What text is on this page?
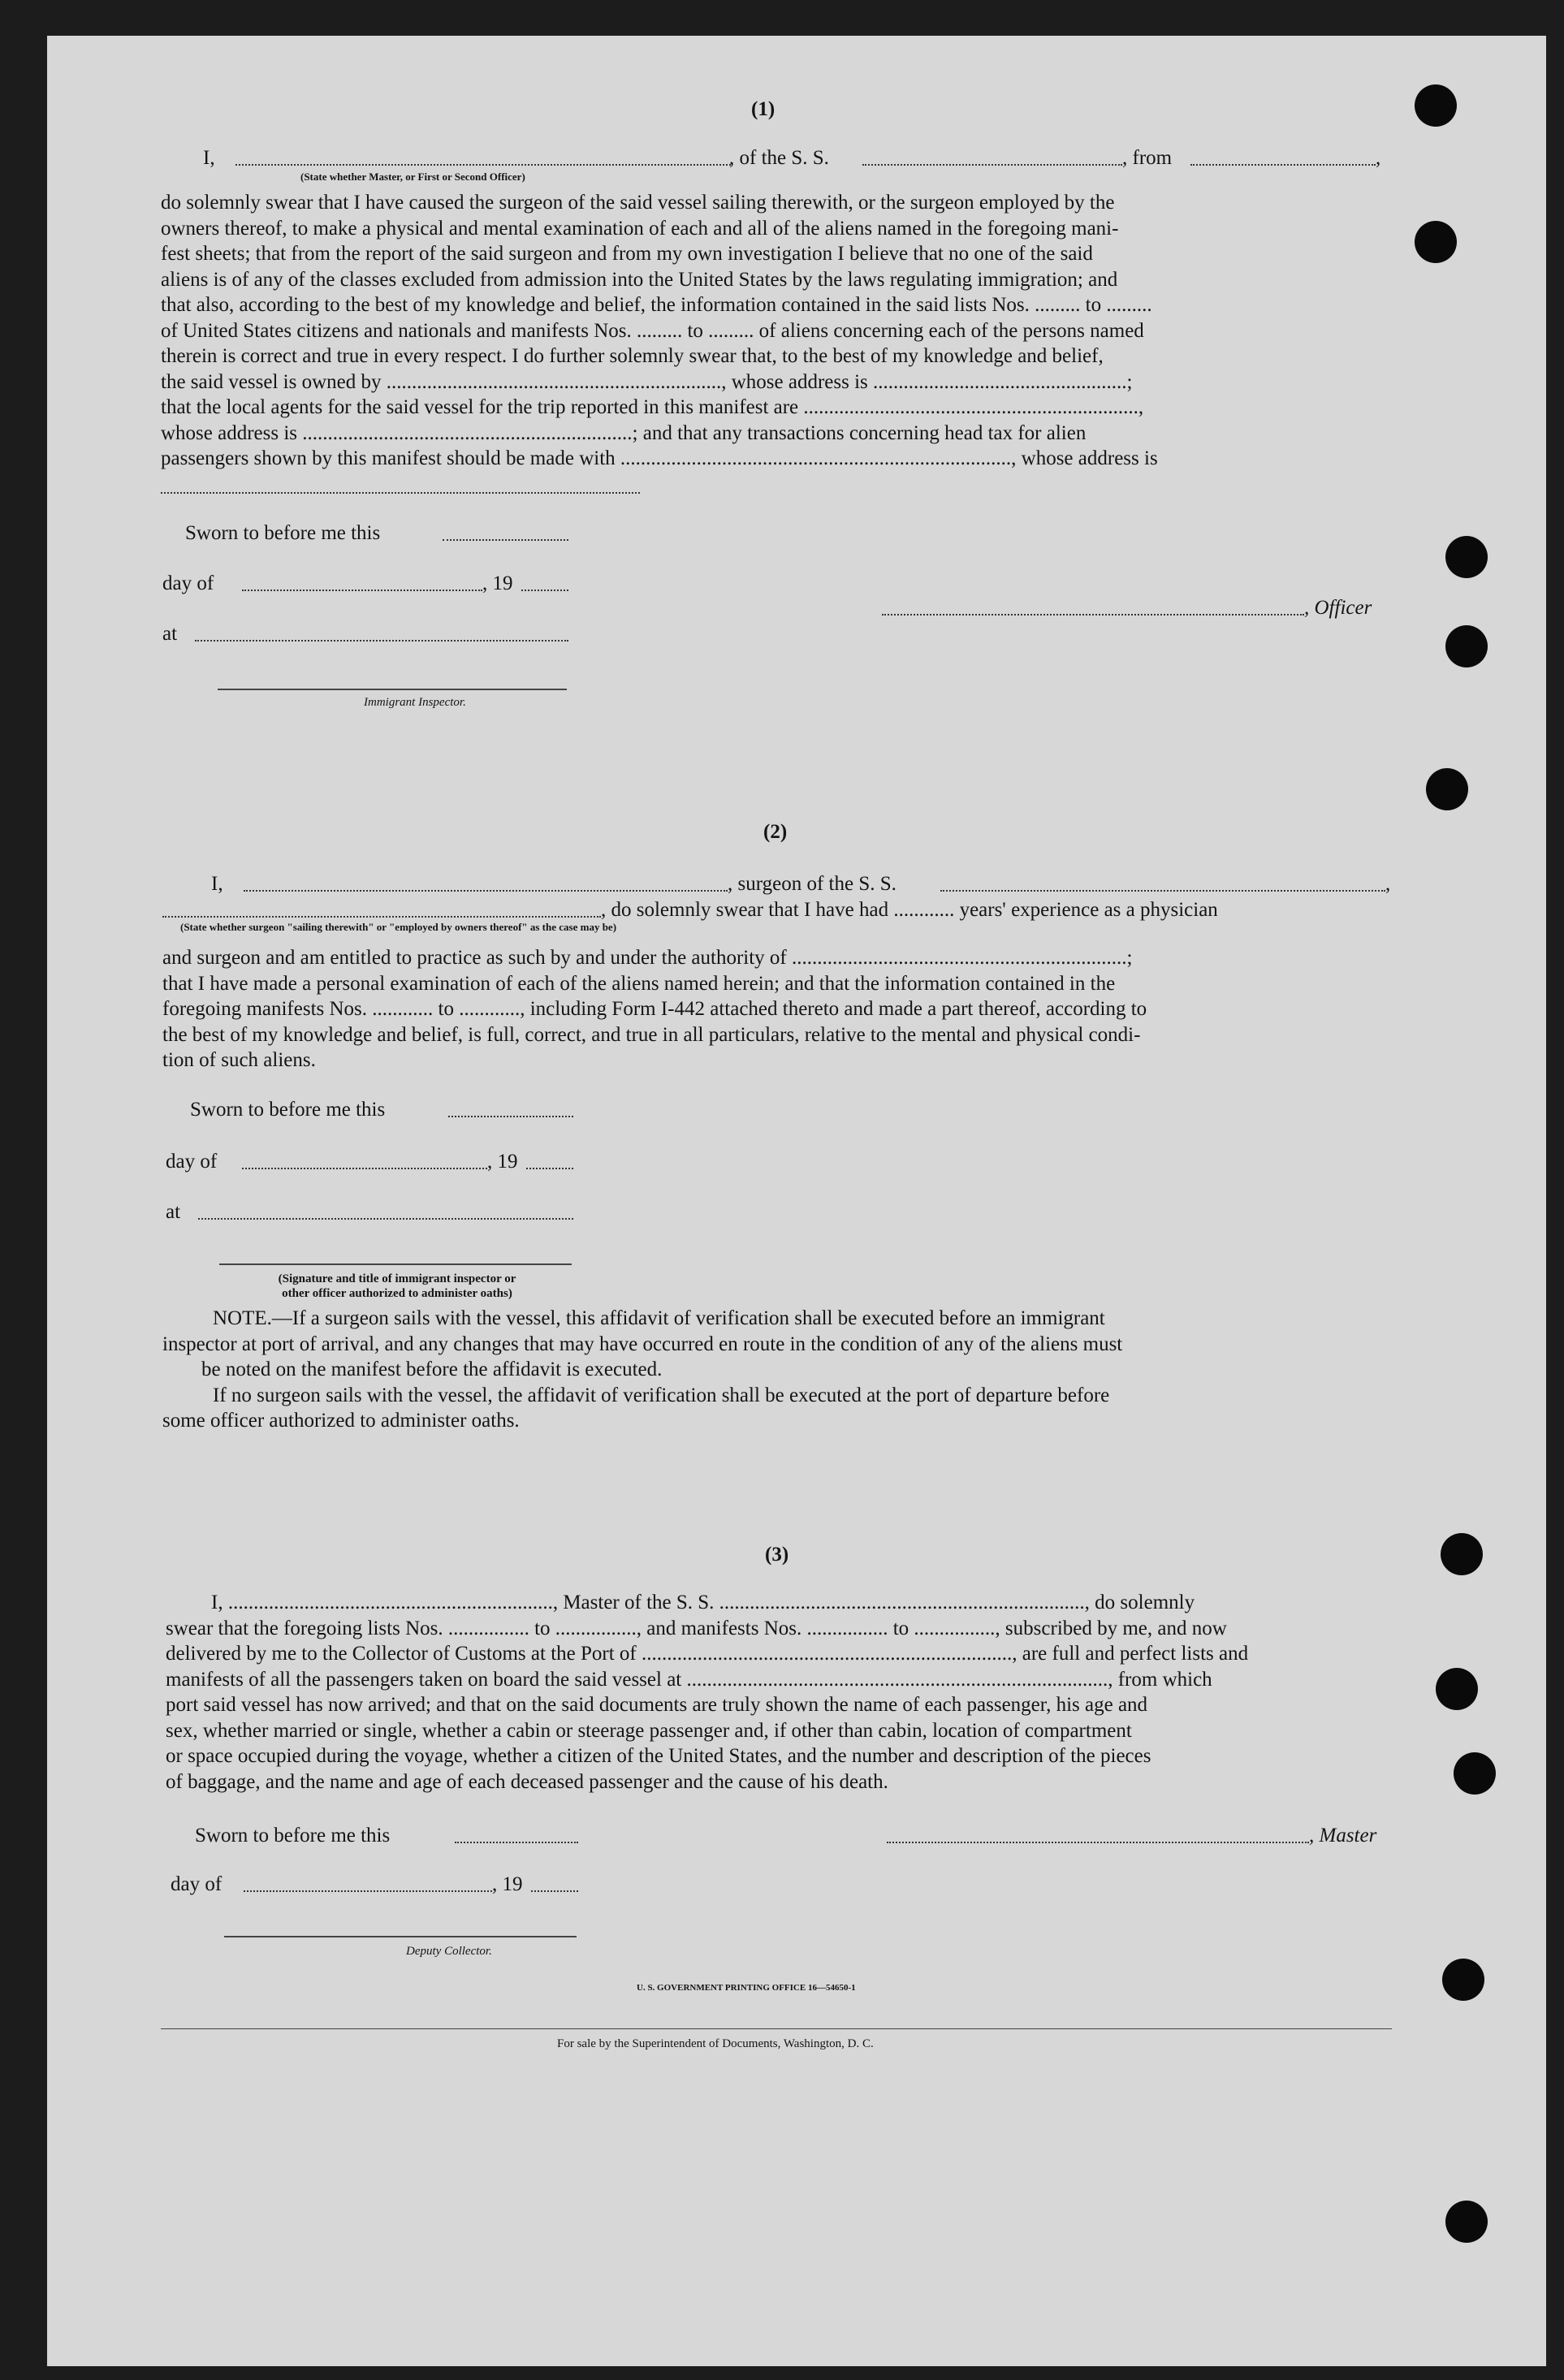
(1)
I,	, of the S. S.	, from	,
(State whether Master, or First or Second Officer)
do solemnly swear that I have caused the surgeon of the said vessel sailing therewith, or the surgeon employed by the
owners thereof, to make a physical and mental examination of each and all of the aliens named in the foregoing mani-
fest sheets; that from the report of the said surgeon and from my own investigation I believe that no one of the said
aliens is of any of the classes excluded from admission into the United States by the laws regulating immigration; and
that also, according to the best of my knowledge and belief, the information contained in the said lists Nos. ......... to .........
of United States citizens and nationals and manifests Nos. ......... to ......... of aliens concerning each of the persons named
therein is correct and true in every respect. I do further solemnly swear that, to the best of my knowledge and belief,
the said vessel is owned by .................................................................., whose address is ..................................................;
that the local agents for the said vessel for the trip reported in this manifest are ..................................................................,
whose address is .................................................................; and that any transactions concerning head tax for alien
passengers shown by this manifest should be made with ............................................................................., whose address is
Sworn to before me this
day of	, 19
at
, Officer
Immigrant Inspector.
(2)
I,	, surgeon of the S. S.	,
, do solemnly swear that I have had ............ years' experience as a physician
(State whether surgeon "sailing therewith" or "employed by owners thereof" as the case may be)
and surgeon and am entitled to practice as such by and under the authority of ..................................................................;
that I have made a personal examination of each of the aliens named herein; and that the information contained in the
foregoing manifests Nos. ............ to ............, including Form I-442 attached thereto and made a part thereof, according to
the best of my knowledge and belief, is full, correct, and true in all particulars, relative to the mental and physical condi-
tion of such aliens.
Sworn to before me this
day of	, 19
at
(Signature and title of immigrant inspector or
other officer authorized to administer oaths)
NOTE.—If a surgeon sails with the vessel, this affidavit of verification shall be executed before an immigrant
inspector at port of arrival, and any changes that may have occurred en route in the condition of any of the aliens must
be noted on the manifest before the affidavit is executed.
If no surgeon sails with the vessel, the affidavit of verification shall be executed at the port of departure before
some officer authorized to administer oaths.
(3)
I, ................................................................, Master of the S. S. ........................................................................, do solemnly
swear that the foregoing lists Nos. ................ to ................, and manifests Nos. ................ to ................, subscribed by me, and now
delivered by me to the Collector of Customs at the Port of ........................................................................., are full and perfect lists and
manifests of all the passengers taken on board the said vessel at ..................................................................................., from which
port said vessel has now arrived; and that on the said documents are truly shown the name of each passenger, his age and
sex, whether married or single, whether a cabin or steerage passenger and, if other than cabin, location of compartment
or space occupied during the voyage, whether a citizen of the United States, and the number and description of the pieces
of baggage, and the name and age of each deceased passenger and the cause of his death.
Sworn to before me this	, Master
day of	, 19
Deputy Collector.
U. S. GOVERNMENT PRINTING OFFICE 16—54650-1
For sale by the Superintendent of Documents, Washington, D. C.
